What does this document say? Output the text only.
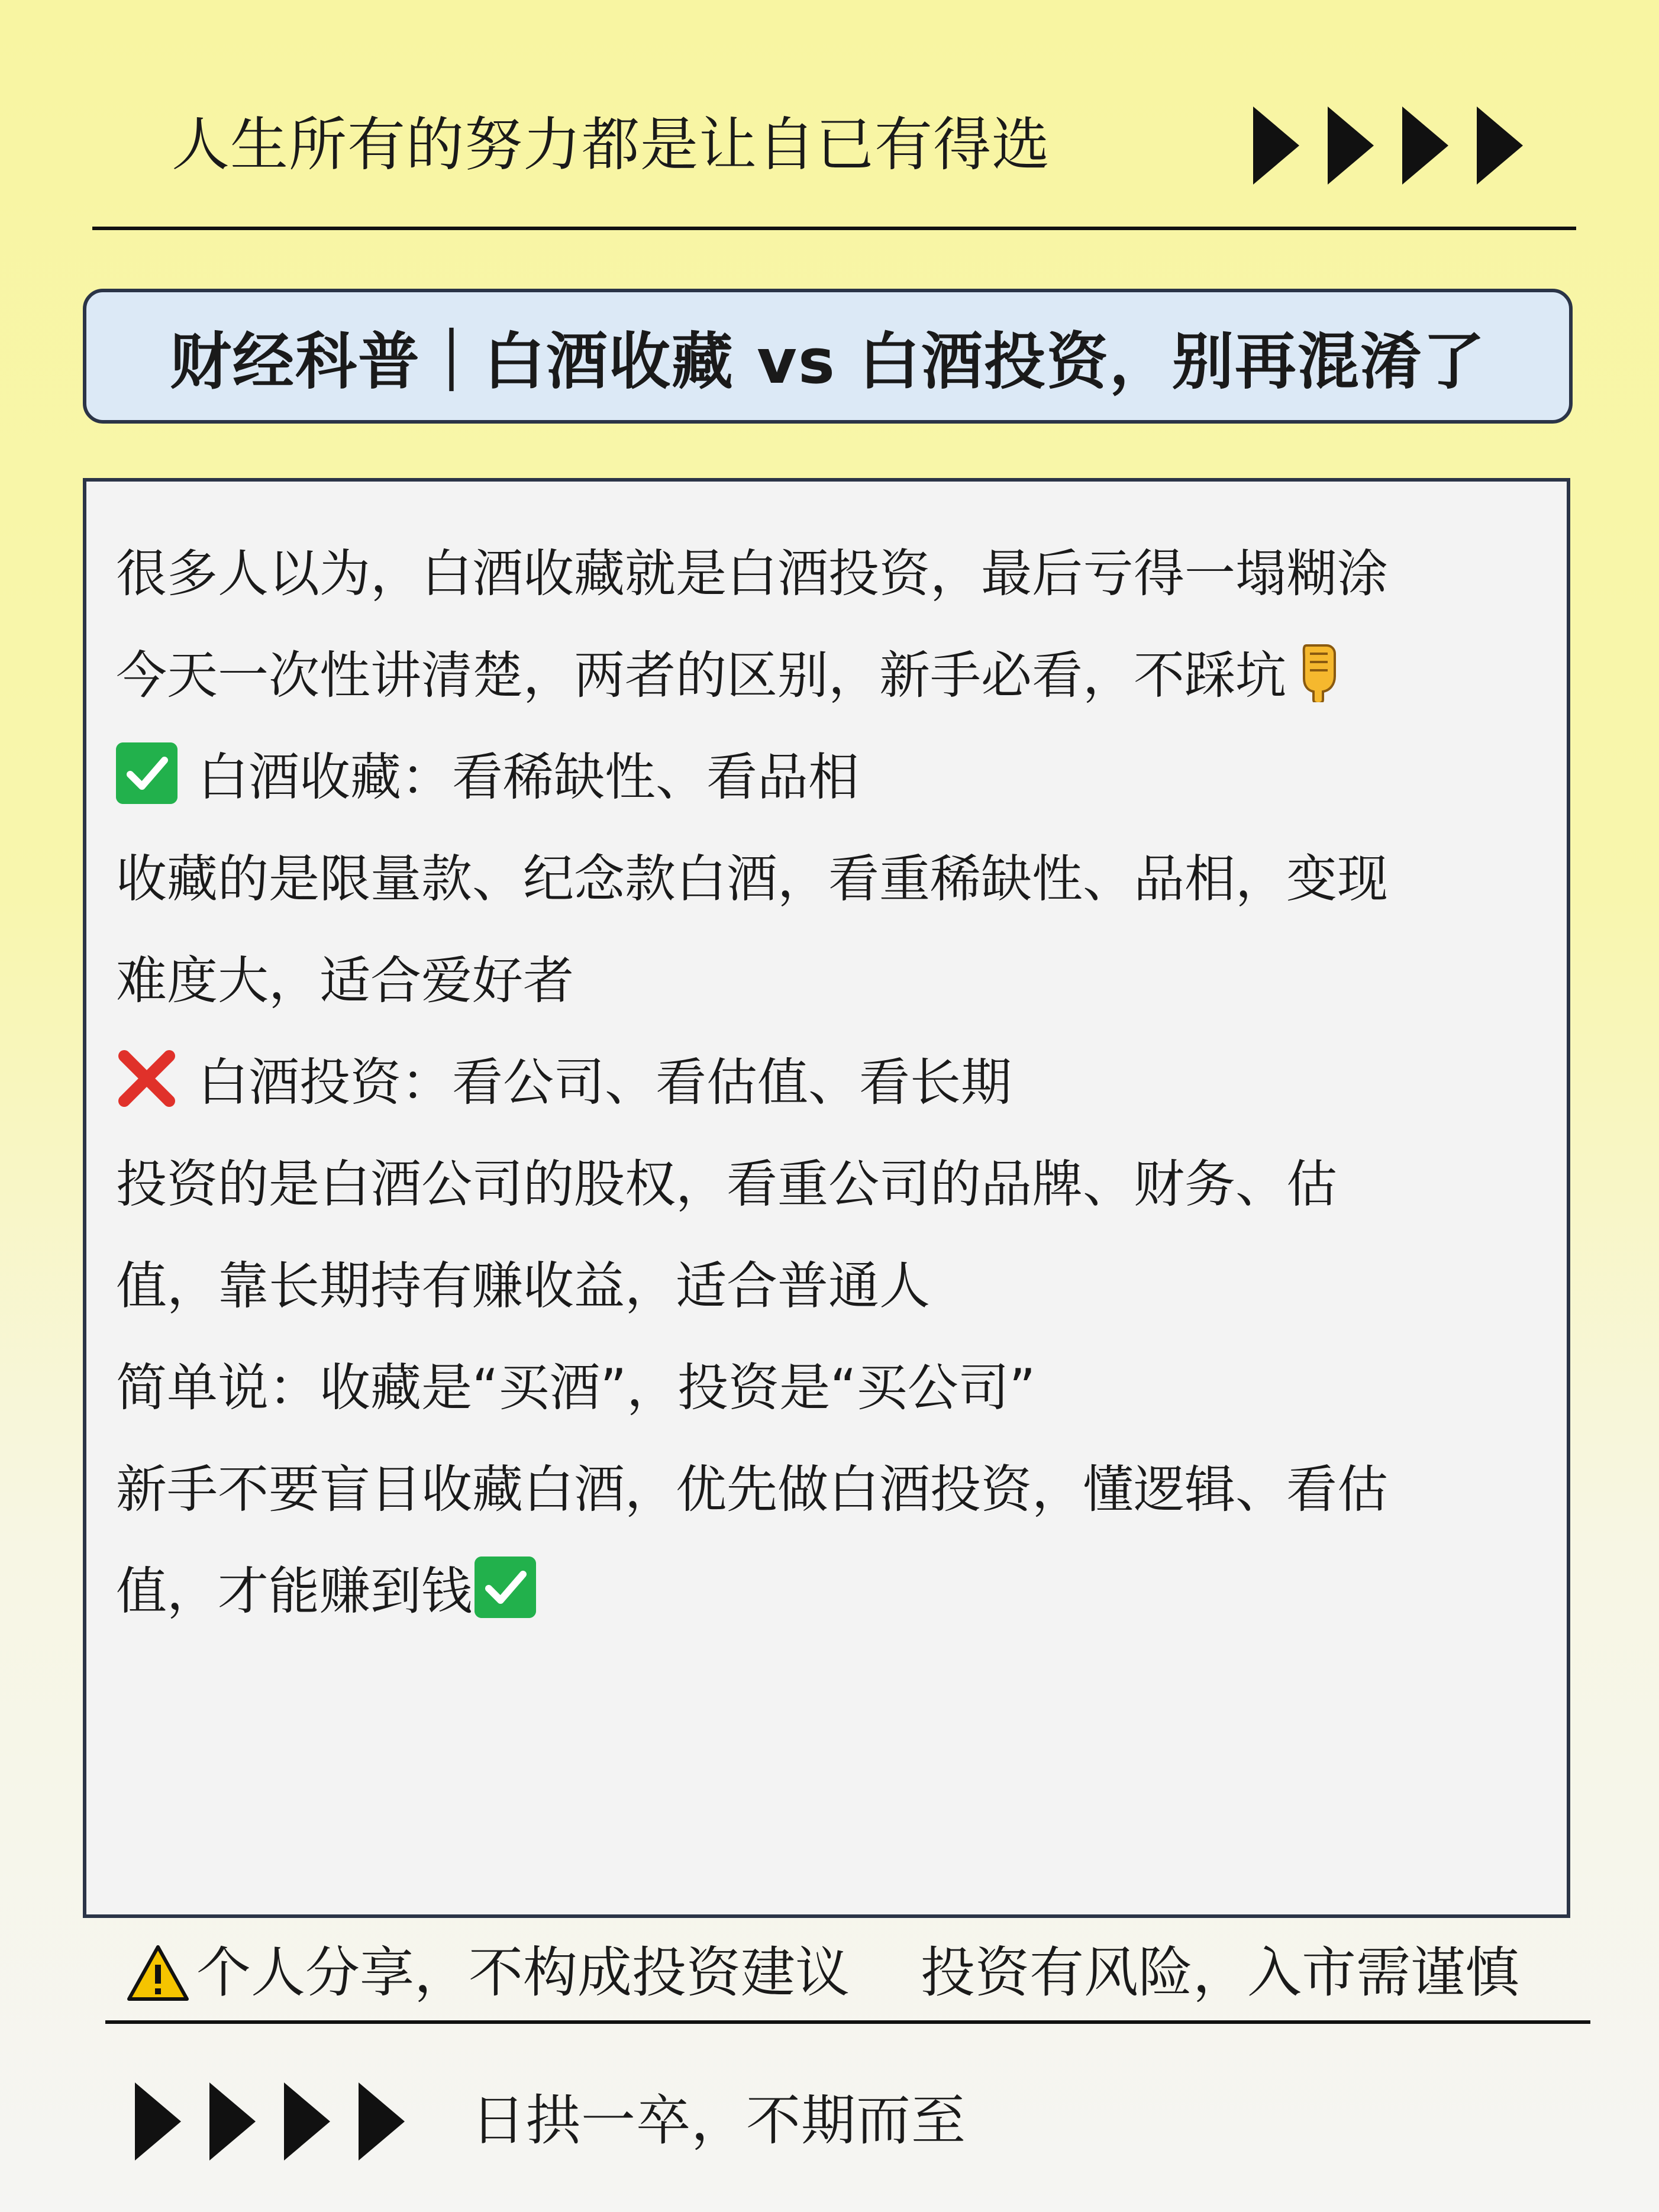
人生所有的努力都是让自已有得选
财经科普｜白酒收藏 vs 白酒投资，别再混淆了
很多人以为，白酒收藏就是白酒投资，最后亏得一塌糊涂
今天一次性讲清楚，两者的区别，新手必看，不踩坑
白酒收藏：看稀缺性、看品相
收藏的是限量款、纪念款白酒，看重稀缺性、品相，变现
难度大，适合爱好者
白酒投资：看公司、看估值、看长期
投资的是白酒公司的股权，看重公司的品牌、财务、估
值，靠长期持有赚收益，适合普通人
简单说：收藏是“买酒”，投资是“买公司”
新手不要盲目收藏白酒，优先做白酒投资，懂逻辑、看估
值，才能赚到钱
个人分享，不构成投资建议 投资有风险，入市需谨慎
日拱一卒，不期而至
